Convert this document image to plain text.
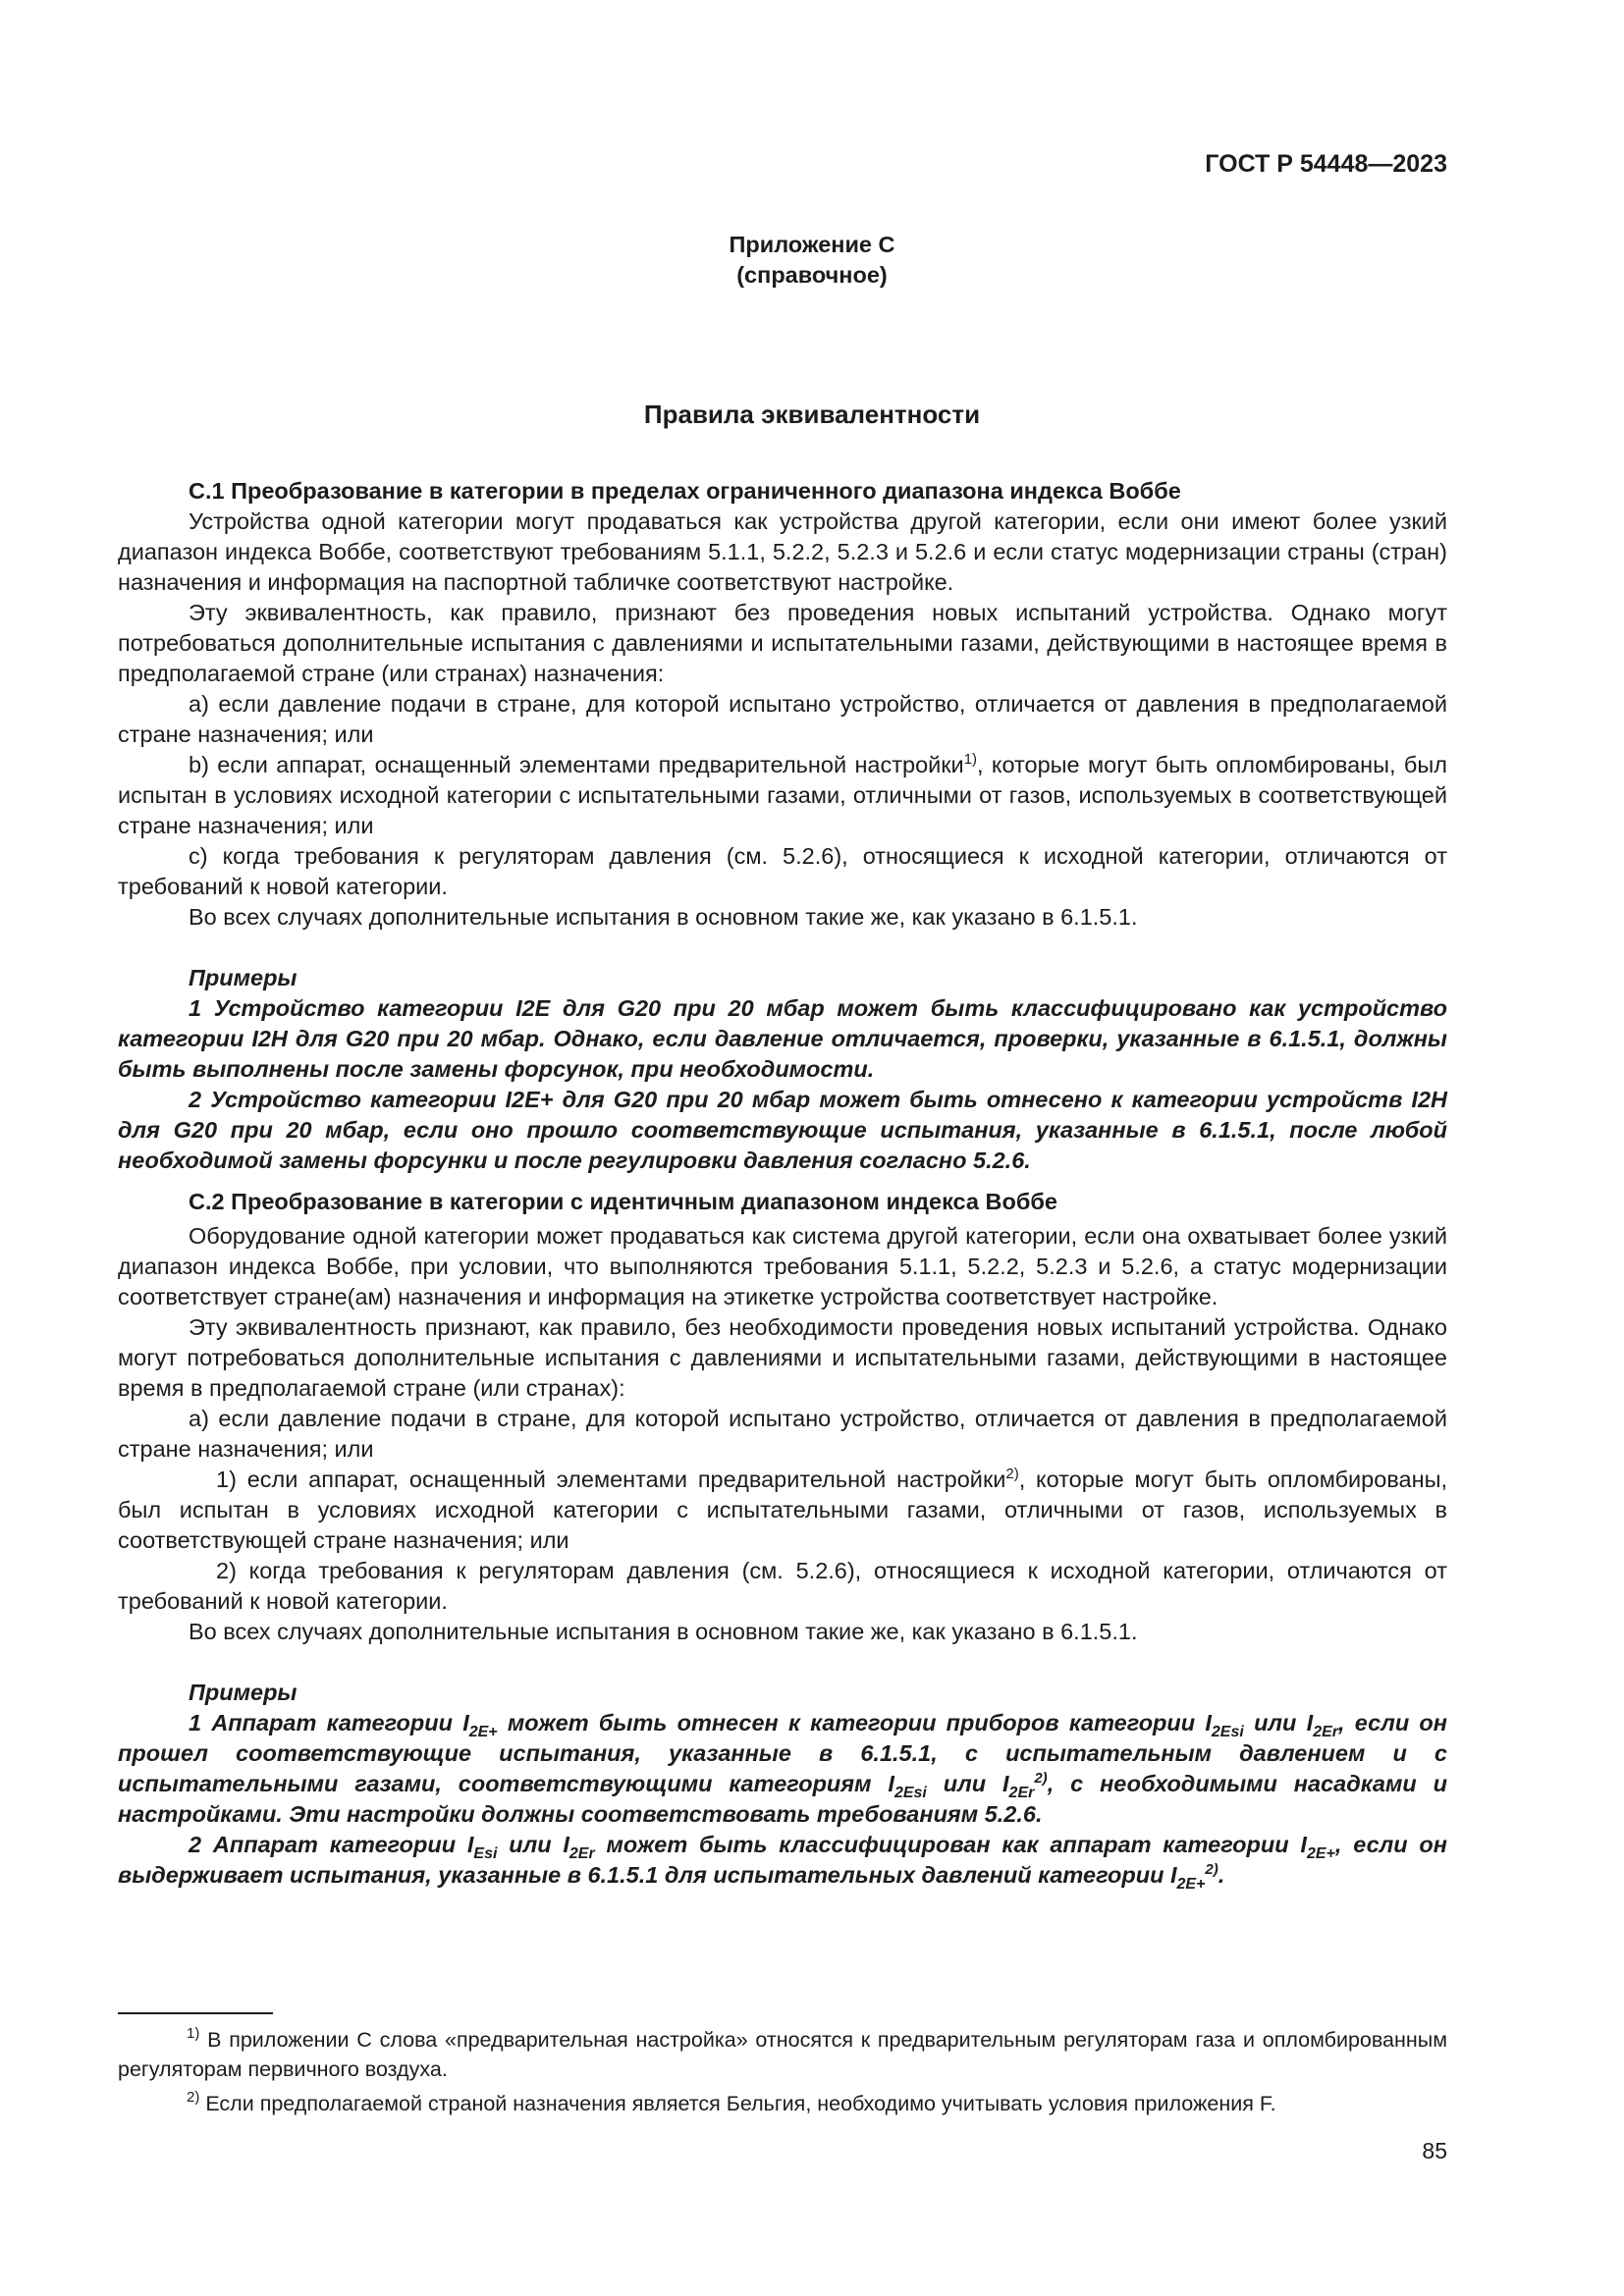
ГОСТ Р 54448—2023
Приложение С
(справочное)
Правила эквивалентности

С.1 Преобразование в категории в пределах ограниченного диапазона индекса Воббе

Устройства одной категории могут продаваться как устройства другой категории, если они имеют более узкий диапазон индекса Воббе, соответствуют требованиям 5.1.1, 5.2.2, 5.2.3 и 5.2.6 и если статус модернизации страны (стран) назначения и информация на паспортной табличке соответствуют настройке.

Эту эквивалентность, как правило, признают без проведения новых испытаний устройства. Однако могут потребоваться дополнительные испытания с давлениями и испытательными газами, действующими в настоящее время в предполагаемой стране (или странах) назначения:

а) если давление подачи в стране, для которой испытано устройство, отличается от давления в предполагаемой стране назначения; или

b) если аппарат, оснащенный элементами предварительной настройки$^{1)}$, которые могут быть опломбированы, был испытан в условиях исходной категории с испытательными газами, отличными от газов, используемых в соответствующей стране назначения; или

с) когда требования к регуляторам давления (см. 5.2.6), относящиеся к исходной категории, отличаются от требований к новой категории.

Во всех случаях дополнительные испытания в основном такие же, как указано в 6.1.5.1.

Примеры

1 Устройство категории I2E для G20 при 20 мбар может быть классифицировано как устройство категории I2H для G20 при 20 мбар. Однако, если давление отличается, проверки, указанные в 6.1.5.1, должны быть выполнены после замены форсунок, при необходимости.

2 Устройство категории I2E+ для G20 при 20 мбар может быть отнесено к категории устройств I2H для G20 при 20 мбар, если оно прошло соответствующие испытания, указанные в 6.1.5.1, после любой необходимой замены форсунки и после регулировки давления согласно 5.2.6.

С.2 Преобразование в категории с идентичным диапазоном индекса Воббе

Оборудование одной категории может продаваться как система другой категории, если она охватывает более узкий диапазон индекса Воббе, при условии, что выполняются требования 5.1.1, 5.2.2, 5.2.3 и 5.2.6, а статус модернизации соответствует стране(ам) назначения и информация на этикетке устройства соответствует настройке.

Эту эквивалентность признают, как правило, без необходимости проведения новых испытаний устройства. Однако могут потребоваться дополнительные испытания с давлениями и испытательными газами, действующими в настоящее время в предполагаемой стране (или странах):

а) если давление подачи в стране, для которой испытано устройство, отличается от давления в предполагаемой стране назначения; или

1) если аппарат, оснащенный элементами предварительной настройки$^{2)}$, которые могут быть опломбированы, был испытан в условиях исходной категории с испытательными газами, отличными от газов, используемых в соответствующей стране назначения; или

2) когда требования к регуляторам давления (см. 5.2.6), относящиеся к исходной категории, отличаются от требований к новой категории.

Во всех случаях дополнительные испытания в основном такие же, как указано в 6.1.5.1.

Примеры

1 Аппарат категории $I_{2E+}$ может быть отнесен к категории приборов категории $I_{2Esi}$ или $I_{2Er}$, если он прошел соответствующие испытания, указанные в 6.1.5.1, с испытательным давлением и с испытательными газами, соответствующими категориям $I_{2Esi}$ или $I_{2Er}^{2)}$, с необходимыми насадками и настройками. Эти настройки должны соответствовать требованиям 5.2.6.

2 Аппарат категории $I_{Esi}$ или $I_{2Er}$ может быть классифицирован как аппарат категории $I_{2E+}$, если он выдерживает испытания, указанные в 6.1.5.1 для испытательных давлений категории $I_{2E+}^{2)}$.

$^{1)}$ В приложении С слова «предварительная настройка» относятся к предварительным регуляторам газа и опломбированным регуляторам первичного воздуха.

$^{2)}$ Если предполагаемой страной назначения является Бельгия, необходимо учитывать условия приложения F.

85
